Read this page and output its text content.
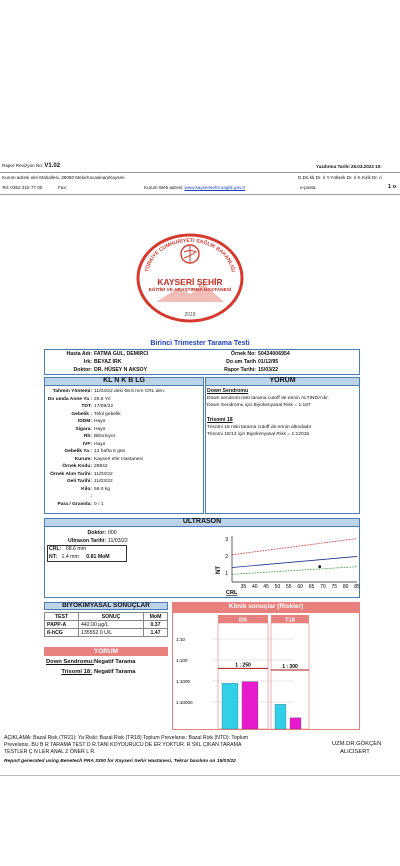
Rapor Revizyon No: V1.02	Yazdırma Tarihi 26.03.2022 10:
Kurum adresi ekri Mahallesi, 38080 Melo/Kocasinan/Kayseri	D.Dü kk Dr. ri Y.Yüksek Dr. ri K.Kirik Dr. ri
Tel: 0352 315 77 00	Fax:	Kurum Web adresi: www.kayserisehir.saglik.gov.tr	e-posta:	1 o
TÜRKİYE CUMHURİYETİ SAĞLIK BAKANLIĞI
2018
KAYSERİ ŞEHİR
EĞİTİM VE ARAŞTIRMA HASTANESİ
Birinci Trimester Tarama Testi
Hasta Adı: FATMA GUL, DEMIRCI
Irk: BEYAZ IRK
Doktor: DR. HÜSEY N AKSOY
Örnek No: 50434006954
Do um Tarih 01/12/95
Rapor Tarihi: 15/03/22
KL N K B LG
Tahmin Yöntemi: 11/03/22 deki 68.6 mm CRL den.
Do umda Anne Ya : 26.8 Yıl
TDT: 17/09/22
Gebelik : Tekil gebelik
IDDM: Hayır
Sigara: Hayır
Rh: Bilinmiyor
IVF: Hayır
Gebelik Ya : 12 hafta 6 gün
Kurum: Kayseri ehir Hastanesi
Örnek Kodu: 28842
Örnek Alım Tarihi: 11/03/22
Geli Tarihi: 11/03/22
Kilo: 56.0 kg
:
Para / Gravida: 0 / 1
YORUM
Down Sendromu
Down sendrom riski tarama cutoff de erinin ALTINDA'dır.
Down Sendromu için Biyokimyasal Risk = 1:187
Trisomi 18
Trisomi 18 riski tarama cutoff de erinin altındadır
Trisomi 18/13 için Biyokimyasal Risk = 1:12015
ULTRASON
Doktor: 000
Ultrason Tarihi: 11/03/22
CRL: 68.6 mm
NT: 1.4 mm 0.81 MoM
35 40 45 50 55 60 65 70 75 80 85
1
2
3
NT
CRL
BIYOKIMYASAL SONUÇLAR
TEST	SONUÇ	MoM
PAPP-A	442.00 µg/L	0.37
ß-hCG	135552.0 U/L	1.47
YORUM
Down Sendromu:Negatif Tarama
Trisomi 18: Negatif Tarama
Klinik sonuçlar (Riskler)
1:10
1:100
1:1000
1:10000
DS
1 : 250
T18
1 : 300
AÇIKLAMA: Bazal Risk (TR21): Ya Riski; Bazal Risk (TR18) Toplum Prevelansı; Bazal Risk (NTD): Toplum
Prevelansı. BU B R TARAMA TEST D R.TANI KOYDURUCU DE ER YOKTUR. R SKL ÇIKAN TARAMA
TESTLER Ç N LER ANAL Z ÖNER L R.
UZM.DR.GÖKÇEN
ALICISERT
Report generated using Benetech PRA 3300 for Kayseri Sehir Hastanesi, Tekrar basılımı on 15/03/22
